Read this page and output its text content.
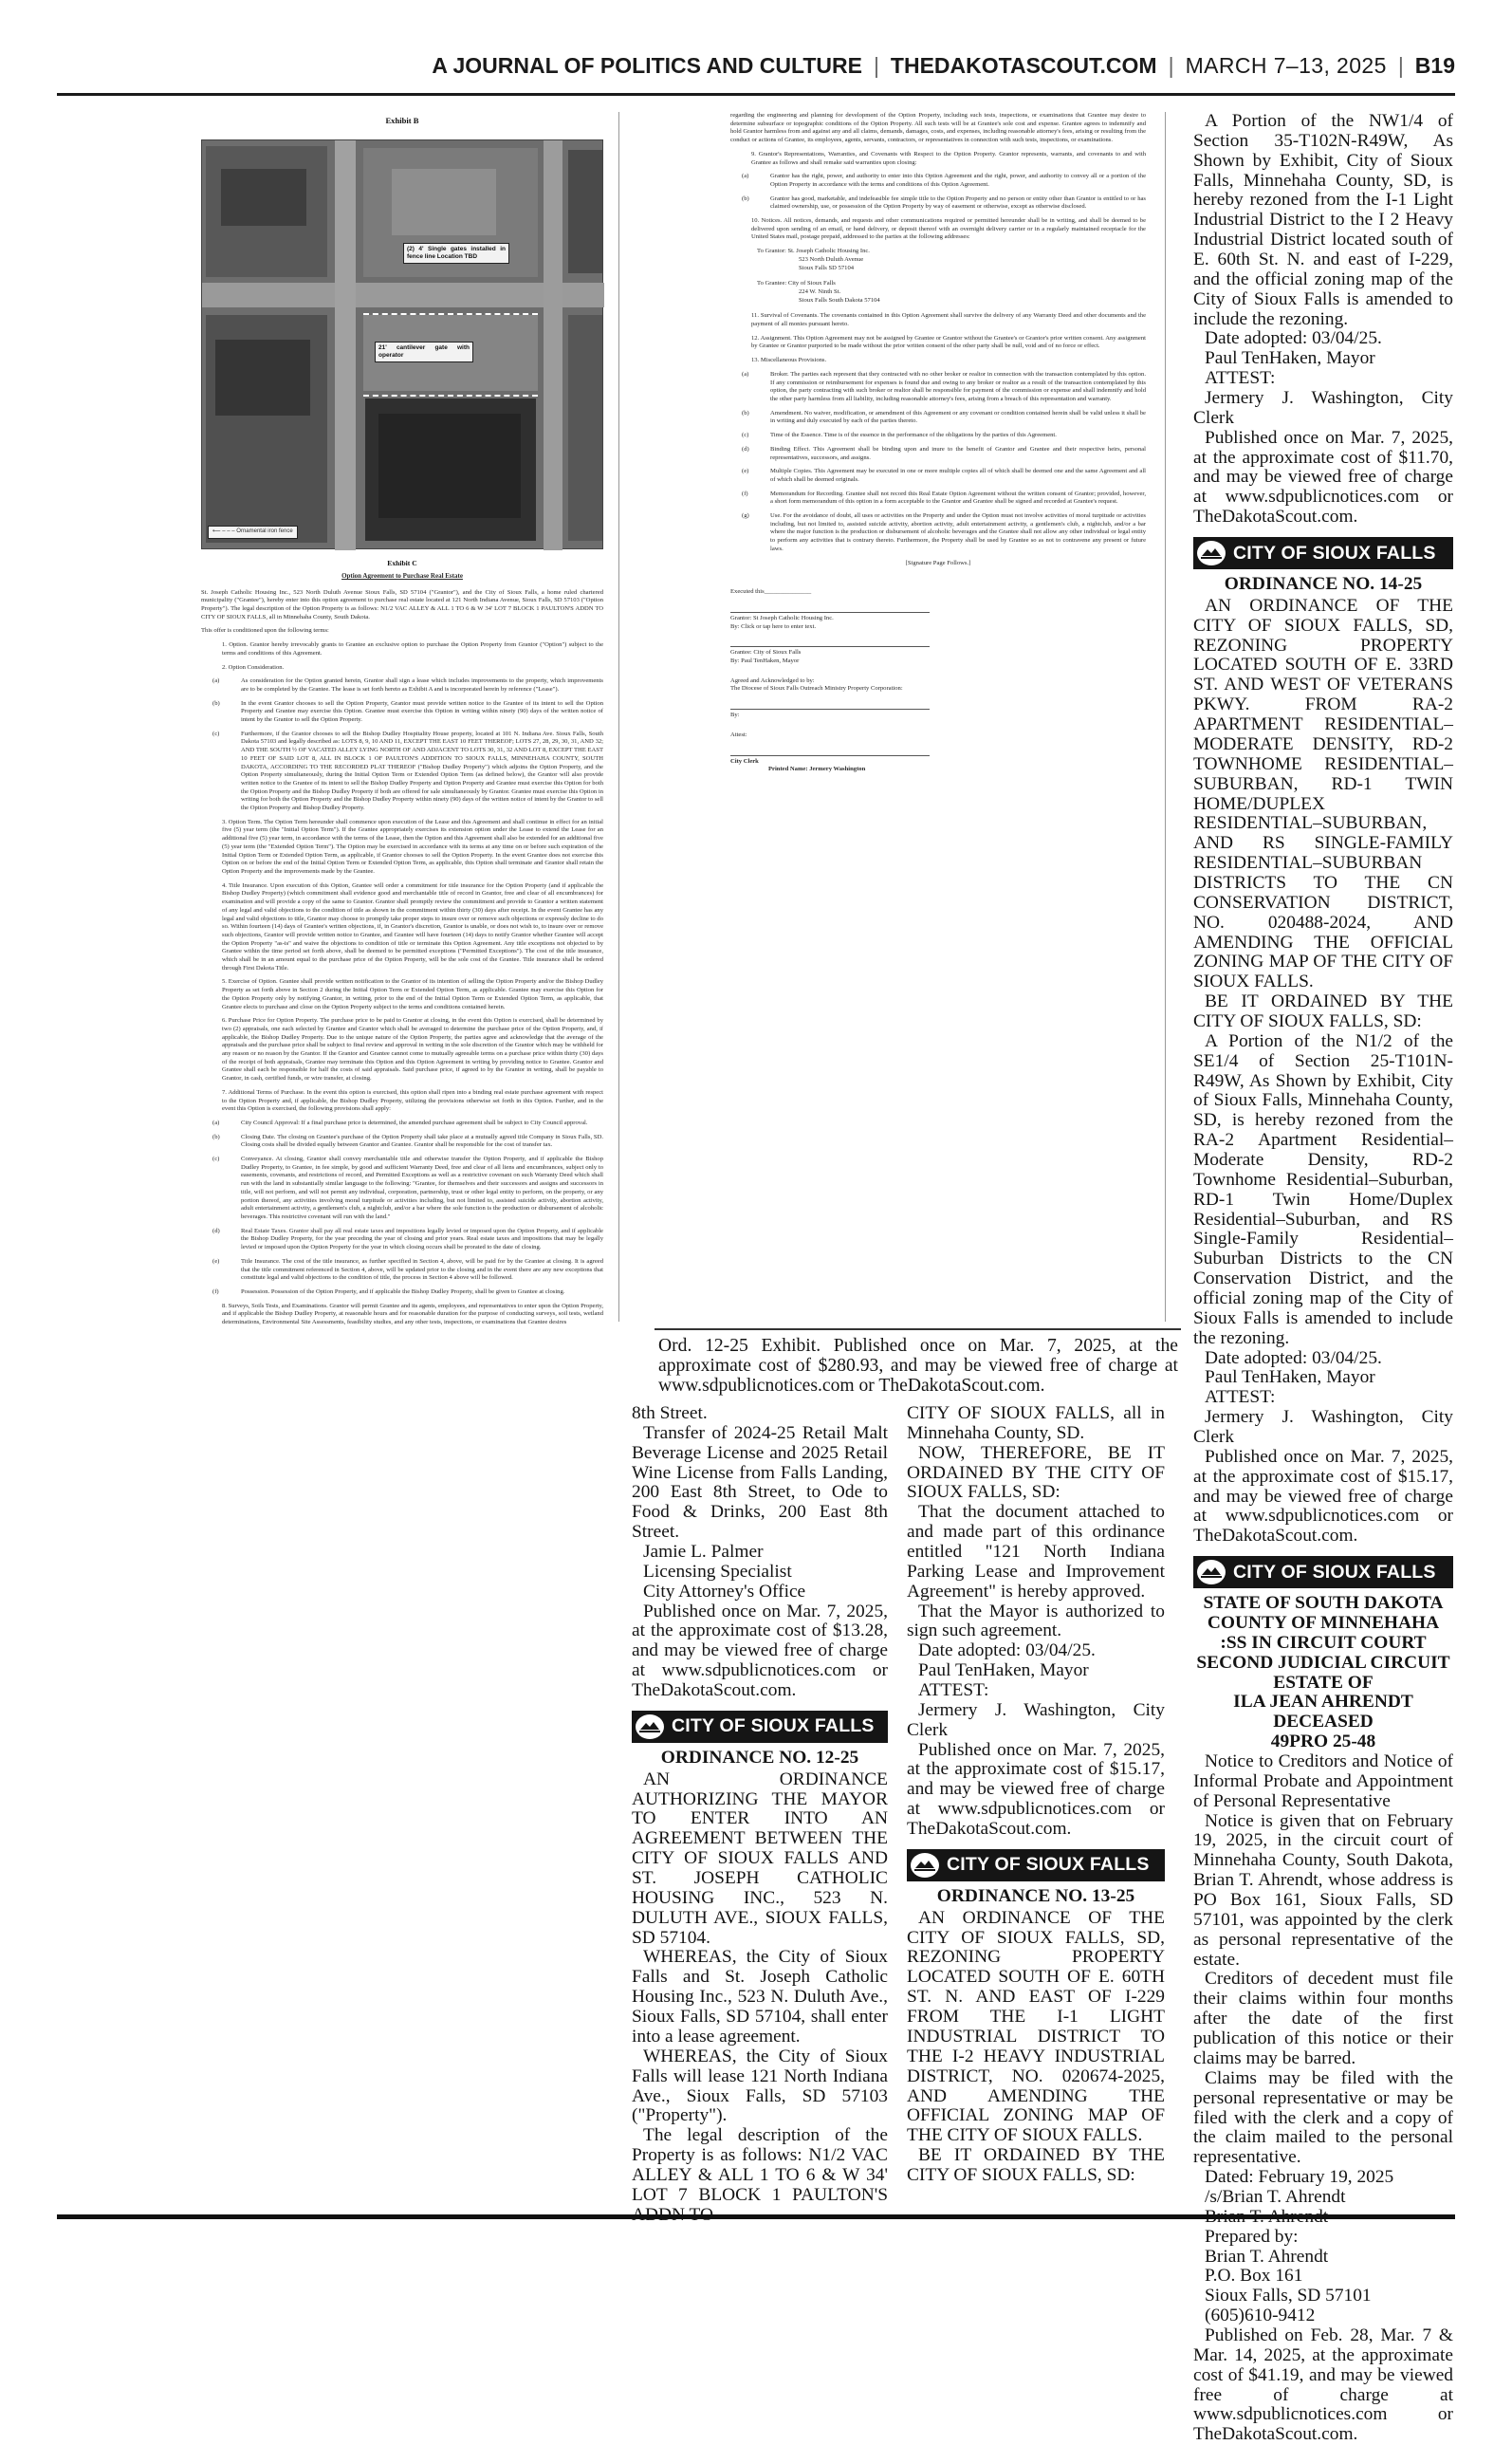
A JOURNAL OF POLITICS AND CULTURE | THEDAKOTASCOUT.COM | MARCH 7–13, 2025 | B19
Exhibit B
(2) 4' Single gates installed in fence line Location TBD
21' cantilever gate with operator
⟵ – – – Ornamental iron fence
Exhibit C
Option Agreement to Purchase Real Estate

St. Joseph Catholic Housing Inc., 523 North Duluth Avenue Sioux Falls, SD 57104 ("Grantor"), and the City of Sioux Falls, a home ruled chartered municipality ("Grantee"), hereby enter into this option agreement to purchase real estate located at 121 North Indiana Avenue, Sioux Falls, SD 57103 ("Option Property"). The legal description of the Option Property is as follows: N1/2 VAC ALLEY & ALL 1 TO 6 & W 34' LOT 7 BLOCK 1 PAULTON'S ADDN TO CITY OF SIOUX FALLS, all in Minnehaha County, South Dakota.

This offer is conditioned upon the following terms:

1. Option. Grantor hereby irrevocably grants to Grantee an exclusive option to purchase the Option Property from Grantor ("Option") subject to the terms and conditions of this Agreement.

2. Option Consideration.

(a)	As consideration for the Option granted herein, Grantor shall sign a lease which includes improvements to the property, which improvements are to be completed by the Grantee. The lease is set forth hereto as Exhibit A and is incorporated herein by reference ("Lease").
(b)	In the event Grantor chooses to sell the Option Property, Grantor must provide written notice to the Grantee of its intent to sell the Option Property and Grantee may exercise this Option. Grantee must exercise this Option in writing within ninety (90) days of the written notice of intent by the Grantor to sell the Option Property.
(c)	Furthermore, if the Grantor chooses to sell the Bishop Dudley Hospitality House property, located at 101 N. Indiana Ave. Sioux Falls, South Dakota 57103 and legally described as: LOTS 8, 9, 10 AND 11, EXCEPT THE EAST 10 FEET THEREOF; LOTS 27, 28, 29, 30, 31, AND 32; AND THE SOUTH ½ OF VACATED ALLEY LYING NORTH OF AND ADJACENT TO LOTS 30, 31, 32 AND LOT 8, EXCEPT THE EAST 10 FEET OF SAID LOT 8, ALL IN BLOCK 1 OF PAULTON'S ADDITION TO SIOUX FALLS, MINNEHAHA COUNTY, SOUTH DAKOTA, ACCORDING TO THE RECORDED PLAT THEREOF ("Bishop Dudley Property") which adjoins the Option Property, and the Option Property simultaneously, during the Initial Option Term or Extended Option Term (as defined below), the Grantor will also provide written notice to the Grantee of its intent to sell the Bishop Dudley Property and Option Property and Grantee must exercise this Option for both the Option Property and the Bishop Dudley Property if both are offered for sale simultaneously by Grantor. Grantee must exercise this Option in writing for both the Option Property and the Bishop Dudley Property within ninety (90) days of the written notice of intent by the Grantor to sell the Option Property and Bishop Dudley Property.

3. Option Term. The Option Term hereunder shall commence upon execution of the Lease and this Agreement and shall continue in effect for an initial five (5) year term (the "Initial Option Term"). If the Grantee appropriately exercises its extension option under the Lease to extend the Lease for an additional five (5) year term, in accordance with the terms of the Lease, then the Option and this Agreement shall also be extended for an additional five (5) year term (the "Extended Option Term"). The Option may be exercised in accordance with its terms at any time on or before such expiration of the Initial Option Term or Extended Option Term, as applicable, if Grantor chooses to sell the Option Property. In the event Grantee does not exercise this Option on or before the end of the Initial Option Term or Extended Option Term, as applicable, this Option shall terminate and Grantor shall retain the Option Property and the improvements made by the Grantee.

4. Title Insurance. Upon execution of this Option, Grantee will order a commitment for title insurance for the Option Property (and if applicable the Bishop Dudley Property) (which commitment shall evidence good and merchantable title of record in Grantor, free and clear of all encumbrances) for examination and will provide a copy of the same to Grantor. Grantor shall promptly review the commitment and provide to Grantor a written statement of any legal and valid objections to the condition of title as shown in the commitment within thirty (30) days after receipt. In the event Grantee has any legal and valid objections to title, Grantor may choose to promptly take proper steps to insure over or remove such objections or expressly decline to do so. Within fourteen (14) days of Grantee's written objections, if, in Grantor's discretion, Grantor is unable, or does not wish to, to insure over or remove such objections, Grantor will provide written notice to Grantee, and Grantee will have fourteen (14) days to notify Grantor whether Grantee will accept the Option Property "as-is" and waive the objections to condition of title or terminate this Option Agreement. Any title exceptions not objected to by Grantee within the time period set forth above, shall be deemed to be permitted exceptions ("Permitted Exceptions"). The cost of the title insurance, which shall be in an amount equal to the purchase price of the Option Property, will be the sole cost of the Grantee. Title insurance shall be ordered through First Dakota Title.

5. Exercise of Option. Grantee shall provide written notification to the Grantor of its intention of selling the Option Property and/or the Bishop Dudley Property as set forth above in Section 2 during the Initial Option Term or Extended Option Term, as applicable. Grantee may exercise this Option for the Option Property only by notifying Grantor, in writing, prior to the end of the Initial Option Term or Extended Option Term, as applicable, that Grantee elects to purchase and close on the Option Property subject to the terms and conditions contained herein.

6. Purchase Price for Option Property. The purchase price to be paid to Grantor at closing, in the event this Option is exercised, shall be determined by two (2) appraisals, one each selected by Grantee and Grantor which shall be averaged to determine the purchase price of the Option Property, and, if applicable, the Bishop Dudley Property. Due to the unique nature of the Option Property, the parties agree and acknowledge that the average of the appraisals and the purchase price shall be subject to final review and approval in writing in the sole discretion of the Grantor which may be withheld for any reason or no reason by the Grantor. If the Grantor and Grantee cannot come to mutually agreeable terms on a purchase price within thirty (30) days of the receipt of both appraisals, Grantee may terminate this Option and this Option Agreement in writing by providing notice to Grantee. Grantor and Grantee shall each be responsible for half the costs of said appraisals. Said purchase price, if agreed to by the Grantor in writing, shall be payable to Grantor, in cash, certified funds, or wire transfer, at closing.

7. Additional Terms of Purchase. In the event this option is exercised, this option shall ripen into a binding real estate purchase agreement with respect to the Option Property and, if applicable, the Bishop Dudley Property, utilizing the provisions otherwise set forth in this Option. Further, and in the event this Option is exercised, the following provisions shall apply:

(a)	City Council Approval: If a final purchase price is determined, the amended purchase agreement shall be subject to City Council approval.
(b)	Closing Date. The closing on Grantee's purchase of the Option Property shall take place at a mutually agreed title Company in Sioux Falls, SD. Closing costs shall be divided equally between Grantor and Grantee. Grantor shall be responsible for the cost of transfer tax.
(c)	Conveyance. At closing, Grantor shall convey merchantable title and otherwise transfer the Option Property, and if applicable the Bishop Dudley Property, to Grantee, in fee simple, by good and sufficient Warranty Deed, free and clear of all liens and encumbrances, subject only to easements, covenants, and restrictions of record, and Permitted Exceptions as well as a restrictive covenant on such Warranty Deed which shall run with the land in substantially similar language to the following: "Grantee, for themselves and their successors and assigns and successors in title, will not perform, and will not permit any individual, corporation, partnership, trust or other legal entity to perform, on the property, or any portion thereof, any activities involving moral turpitude or activities including, but not limited to, assisted suicide activity, abortion activity, adult entertainment activity, a gentlemen's club, a nightclub, and/or a bar where the sole function is the production or disbursement of alcoholic beverages. This restrictive covenant will run with the land."
(d)	Real Estate Taxes. Grantor shall pay all real estate taxes and impositions legally levied or imposed upon the Option Property, and if applicable the Bishop Dudley Property, for the year preceding the year of closing and prior years. Real estate taxes and impositions that may be legally levied or imposed upon the Option Property for the year in which closing occurs shall be prorated to the date of closing.
(e)	Title Insurance. The cost of the title insurance, as further specified in Section 4, above, will be paid for by the Grantee at closing. It is agreed that the title commitment referenced in Section 4, above, will be updated prior to the closing and in the event there are any new exceptions that constitute legal and valid objections to the condition of title, the process in Section 4 above will be followed.
(f)	Possession. Possession of the Option Property, and if applicable the Bishop Dudley Property, shall be given to Grantee at closing.

8. Surveys, Soils Tests, and Examinations. Grantor will permit Grantee and its agents, employees, and representatives to enter upon the Option Property, and if applicable the Bishop Dudley Property, at reasonable hours and for reasonable duration for the purpose of conducting surveys, soil tests, wetland determinations, Environmental Site Assessments, feasibility studies, and any other tests, inspections, or examinations that Grantee desires

regarding the engineering and planning for development of the Option Property, including such tests, inspections, or examinations that Grantee may desire to determine subsurface or topographic conditions of the Option Property. All such tests will be at Grantee's sole cost and expense. Grantee agrees to indemnify and hold Grantor harmless from and against any and all claims, demands, damages, costs, and expenses, including reasonable attorney's fees, arising or resulting from the conduct or actions of Grantee, its employees, agents, servants, contractors, or representatives in connection with such tests, inspections, or examinations.

9. Grantor's Representations, Warranties, and Covenants with Respect to the Option Property. Grantor represents, warrants, and covenants to and with Grantee as follows and shall remake said warranties upon closing:

(a)	Grantor has the right, power, and authority to enter into this Option Agreement and the right, power, and authority to convey all or a portion of the Option Property in accordance with the terms and conditions of this Option Agreement.
(b)	Grantor has good, marketable, and indefeasible fee simple title to the Option Property and no person or entity other than Grantor is entitled to or has claimed ownership, use, or possession of the Option Property by way of easement or otherwise, except as otherwise disclosed.

10. Notices. All notices, demands, and requests and other communications required or permitted hereunder shall be in writing, and shall be deemed to be delivered upon sending of an email, or hand delivery, or deposit thereof with an overnight delivery carrier or in a regularly maintained receptacle for the United States mail, postage prepaid, addressed to the parties at the following addresses:

To Grantor: St. Joseph Catholic Housing Inc.
523 North Duluth Avenue
Sioux Falls SD 57104
To Grantee: City of Sioux Falls
224 W. Ninth St.
Sioux Falls South Dakota 57104

11. Survival of Covenants. The covenants contained in this Option Agreement shall survive the delivery of any Warranty Deed and other documents and the payment of all monies pursuant hereto.

12. Assignment. This Option Agreement may not be assigned by Grantee or Grantor without the Grantee's or Grantor's prior written consent. Any assignment by Grantee or Grantor purported to be made without the prior written consent of the other party shall be null, void and of no force or effect.

13. Miscellaneous Provisions.

(a)	Broker. The parties each represent that they contracted with no other broker or realtor in connection with the transaction contemplated by this option. If any commission or reimbursement for expenses is found due and owing to any broker or realtor as a result of the transaction contemplated by this option, the party contracting with such broker or realtor shall be responsible for payment of the commission or expense and shall indemnify and hold the other party harmless from all liability, including reasonable attorney's fees, arising from a breach of this representation and warranty.
(b)	Amendment. No waiver, modification, or amendment of this Agreement or any covenant or condition contained herein shall be valid unless it shall be in writing and duly executed by each of the parties thereto.
(c)	Time of the Essence. Time is of the essence in the performance of the obligations by the parties of this Agreement.
(d)	Binding Effect. This Agreement shall be binding upon and inure to the benefit of Grantor and Grantee and their respective heirs, personal representatives, successors, and assigns.
(e)	Multiple Copies. This Agreement may be executed in one or more multiple copies all of which shall be deemed one and the same Agreement and all of which shall be deemed originals.
(f)	Memorandum for Recording. Grantee shall not record this Real Estate Option Agreement without the written consent of Grantor; provided, however, a short form memorandum of this option in a form acceptable to the Grantor and Grantee shall be signed and recorded at Grantee's request.
(g)	Use. For the avoidance of doubt, all uses or activities on the Property and under the Option must not involve activities of moral turpitude or activities including, but not limited to, assisted suicide activity, abortion activity, adult entertainment activity, a gentlemen's club, a nightclub, and/or a bar where the major function is the production or disbursement of alcoholic beverages and the Grantee shall not allow any other individual or legal entity to perform any activities that is contrary thereto. Furthermore, the Property shall be used by Grantee so as not to contravene any present or future laws.

[Signature Page Follows.]

Executed this_______________

Grantor: St Joseph Catholic Housing Inc.
By: Click or tap here to enter text.
Grantee: City of Sioux Falls
By: Paul TenHaken, Mayor
Agreed and Acknowledged to by:
The Diocese of Sioux Falls Outreach Ministry Property Corporation:
By:
Attest:
City Clerk
Printed Name: Jermery Washington
Ord. 12-25 Exhibit. Published once on Mar. 7, 2025, at the approximate cost of $280.93, and may be viewed free of charge at www.sdpublicnotices.com or TheDakotaScout.com.

8th Street.

Transfer of 2024-25 Retail Malt Beverage License and 2025 Retail Wine License from Falls Landing, 200 East 8th Street, to Ode to Food & Drinks, 200 East 8th Street.

Jamie L. Palmer

Licensing Specialist

City Attorney's Office

Published once on Mar. 7, 2025, at the approximate cost of $13.28, and may be viewed free of charge at www.sdpublicnotices.com or TheDakotaScout.com.

CITY OF SIOUX FALLS
ORDINANCE NO. 12-25

AN ORDINANCE AUTHORIZING THE MAYOR TO ENTER INTO AN AGREEMENT BETWEEN THE CITY OF SIOUX FALLS AND ST. JOSEPH CATHOLIC HOUSING INC., 523 N. DULUTH AVE., SIOUX FALLS, SD 57104.

WHEREAS, the City of Sioux Falls and St. Joseph Catholic Housing Inc., 523 N. Duluth Ave., Sioux Falls, SD 57104, shall enter into a lease agreement.

WHEREAS, the City of Sioux Falls will lease 121 North Indiana Ave., Sioux Falls, SD 57103 ("Property").

The legal description of the Property is as follows: N1/2 VAC ALLEY & ALL 1 TO 6 & W 34' LOT 7 BLOCK 1 PAULTON'S

CITY OF SIOUX FALLS, all in Minnehaha County, SD.

NOW, THEREFORE, BE IT ORDAINED BY THE CITY OF SIOUX FALLS, SD:

That the document attached to and made part of this ordinance entitled "121 North Indiana Parking Lease and Improvement Agreement" is hereby approved.

That the Mayor is authorized to sign such agreement.

Date adopted: 03/04/25.

Paul TenHaken, Mayor

ATTEST:

Jermery J. Washington, City Clerk

Published once on Mar. 7, 2025, at the approximate cost of $15.17, and may be viewed free of charge at www.sdpublicnotices.com or TheDakotaScout.com.

CITY OF SIOUX FALLS
ORDINANCE NO. 13-25

AN ORDINANCE OF THE CITY OF SIOUX FALLS, SD, REZONING PROPERTY LOCATED SOUTH OF E. 60TH ST. N. AND EAST OF I-229 FROM THE I-1 LIGHT INDUSTRIAL DISTRICT TO THE I-2 HEAVY INDUSTRIAL DISTRICT, NO. 020674-2025, AND AMENDING THE OFFICIAL ZONING MAP OF THE CITY OF SIOUX FALLS.

BE IT ORDAINED BY THE CITY OF SIOUX FALLS, SD:

A Portion of the NW1/4 of Section 35-T102N-R49W, As Shown by Exhibit, City of Sioux Falls, Minnehaha County, SD, is hereby rezoned from the I-1 Light Industrial District to the I 2 Heavy Industrial District located south of E. 60th St. N. and east of I-229, and the official zoning map of the City of Sioux Falls is amended to include the rezoning.

Date adopted: 03/04/25.

Paul TenHaken, Mayor

ATTEST:

Jermery J. Washington, City Clerk

Published once on Mar. 7, 2025, at the approximate cost of $11.70, and may be viewed free of charge at www.sdpublicnotices.com or TheDakotaScout.com.

CITY OF SIOUX FALLS
ORDINANCE NO. 14-25

AN ORDINANCE OF THE CITY OF SIOUX FALLS, SD, REZONING PROPERTY LOCATED SOUTH OF E. 33RD ST. AND WEST OF VETERANS PKWY. FROM RA-2 APARTMENT RESIDENTIAL–MODERATE DENSITY, RD-2 TOWNHOME RESIDENTIAL–SUBURBAN, RD-1 TWIN HOME/DUPLEX RESIDENTIAL–SUBURBAN, AND RS SINGLE-FAMILY RESIDENTIAL–SUBURBAN DISTRICTS TO THE CN CONSERVATION DISTRICT, NO. 020488-2024, AND AMENDING THE OFFICIAL ZONING MAP OF THE CITY OF SIOUX FALLS.

BE IT ORDAINED BY THE CITY OF SIOUX FALLS, SD:

A Portion of the N1/2 of the SE1/4 of Section 25-T101N-R49W, As Shown by Exhibit, City of Sioux Falls, Minnehaha County, SD, is hereby rezoned from the RA-2 Apartment Residential–Moderate Density, RD-2 Townhome Residential–Suburban, RD-1 Twin Home/Duplex Residential–Suburban, and RS Single-Family Residential–Suburban Districts to the CN Conservation District, and the official zoning map of the City of Sioux Falls is amended to include the rezoning.

Date adopted: 03/04/25.

Paul TenHaken, Mayor

ATTEST:

Jermery J. Washington, City Clerk

Published once on Mar. 7, 2025, at the approximate cost of $15.17, and may be viewed free of charge at www.sdpublicnotices.com or TheDakotaScout.com.

CITY OF SIOUX FALLS
STATE OF SOUTH DAKOTA
COUNTY OF MINNEHAHA
:SS IN CIRCUIT COURT
SECOND JUDICIAL CIRCUIT
ESTATE OF
ILA JEAN AHRENDT
DECEASED
49PRO 25-48

Notice to Creditors and Notice of Informal Probate and Appointment of Personal Representative

Notice is given that on February 19, 2025, in the circuit court of Minnehaha County, South Dakota, Brian T. Ahrendt, whose address is PO Box 161, Sioux Falls, SD 57101, was appointed by the clerk as personal representative of the estate.

Creditors of decedent must file their claims within four months after the date of the first publication of this notice or their claims may be barred.

Claims may be filed with the personal representative or may be filed with the clerk and a copy of the claim mailed to the personal representative.

Dated: February 19, 2025

/s/Brian T. Ahrendt

Prepared by:

Brian T. Ahrendt

P.O. Box 161

Sioux Falls, SD 57101

(605)610-9412

Published on Feb. 28, Mar. 7 & Mar. 14, 2025, at the approximate cost of $41.19, and may be viewed free of charge at www.sdpublicnotices.com or TheDakotaScout.com.
